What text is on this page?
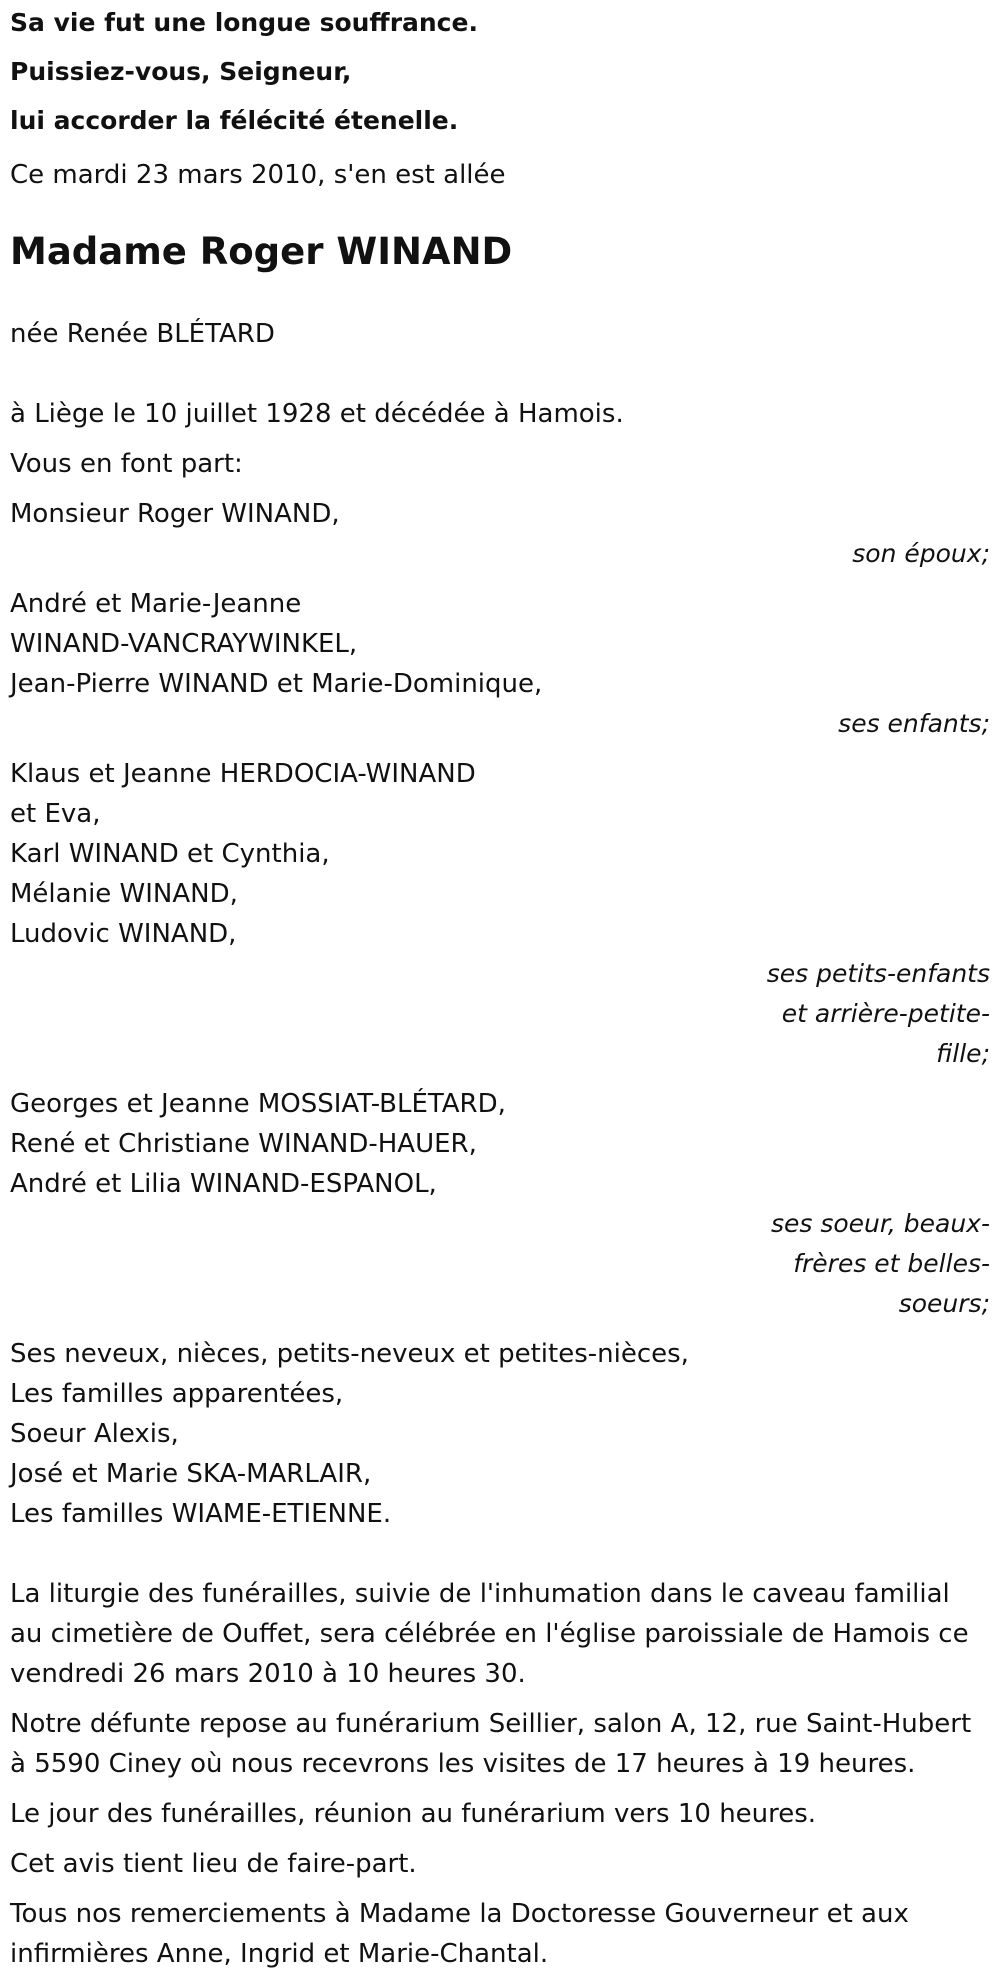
Sa vie fut une longue souffrance.
Puissiez-vous, Seigneur,
lui accorder la félécité étenelle.

Ce mardi 23 mars 2010, s'en est allée

Madame Roger WINAND

née Renée BLÉTARD

à Liège le 10 juillet 1928 et décédée à Hamois.

Vous en font part:

Monsieur Roger WINAND,
son époux;
André et Marie-Jeanne
WINAND-VANCRAYWINKEL,
Jean-Pierre WINAND et Marie-Dominique,
ses enfants;
Klaus et Jeanne HERDOCIA-WINAND
et Eva,
Karl WINAND et Cynthia,
Mélanie WINAND,
Ludovic WINAND,
ses petits-enfants
et arrière-petite-
fille;
Georges et Jeanne MOSSIAT-BLÉTARD,
René et Christiane WINAND-HAUER,
André et Lilia WINAND-ESPANOL,
ses soeur, beaux-
frères et belles-
soeurs;
Ses neveux, nièces, petits-neveux et petites-nièces,
Les familles apparentées,
Soeur Alexis,
José et Marie SKA-MARLAIR,
Les familles WIAME-ETIENNE.

La liturgie des funérailles, suivie de l'inhumation dans le caveau familial au cimetière de Ouffet, sera célébrée en l'église paroissiale de Hamois ce vendredi 26 mars 2010 à 10 heures 30.

Notre défunte repose au funérarium Seillier, salon A, 12, rue Saint-Hubert à 5590 Ciney où nous recevrons les visites de 17 heures à 19 heures.

Le jour des funérailles, réunion au funérarium vers 10 heures.

Cet avis tient lieu de faire-part.

Tous nos remerciements à Madame la Doctoresse Gouverneur et aux infirmières Anne, Ingrid et Marie-Chantal.
